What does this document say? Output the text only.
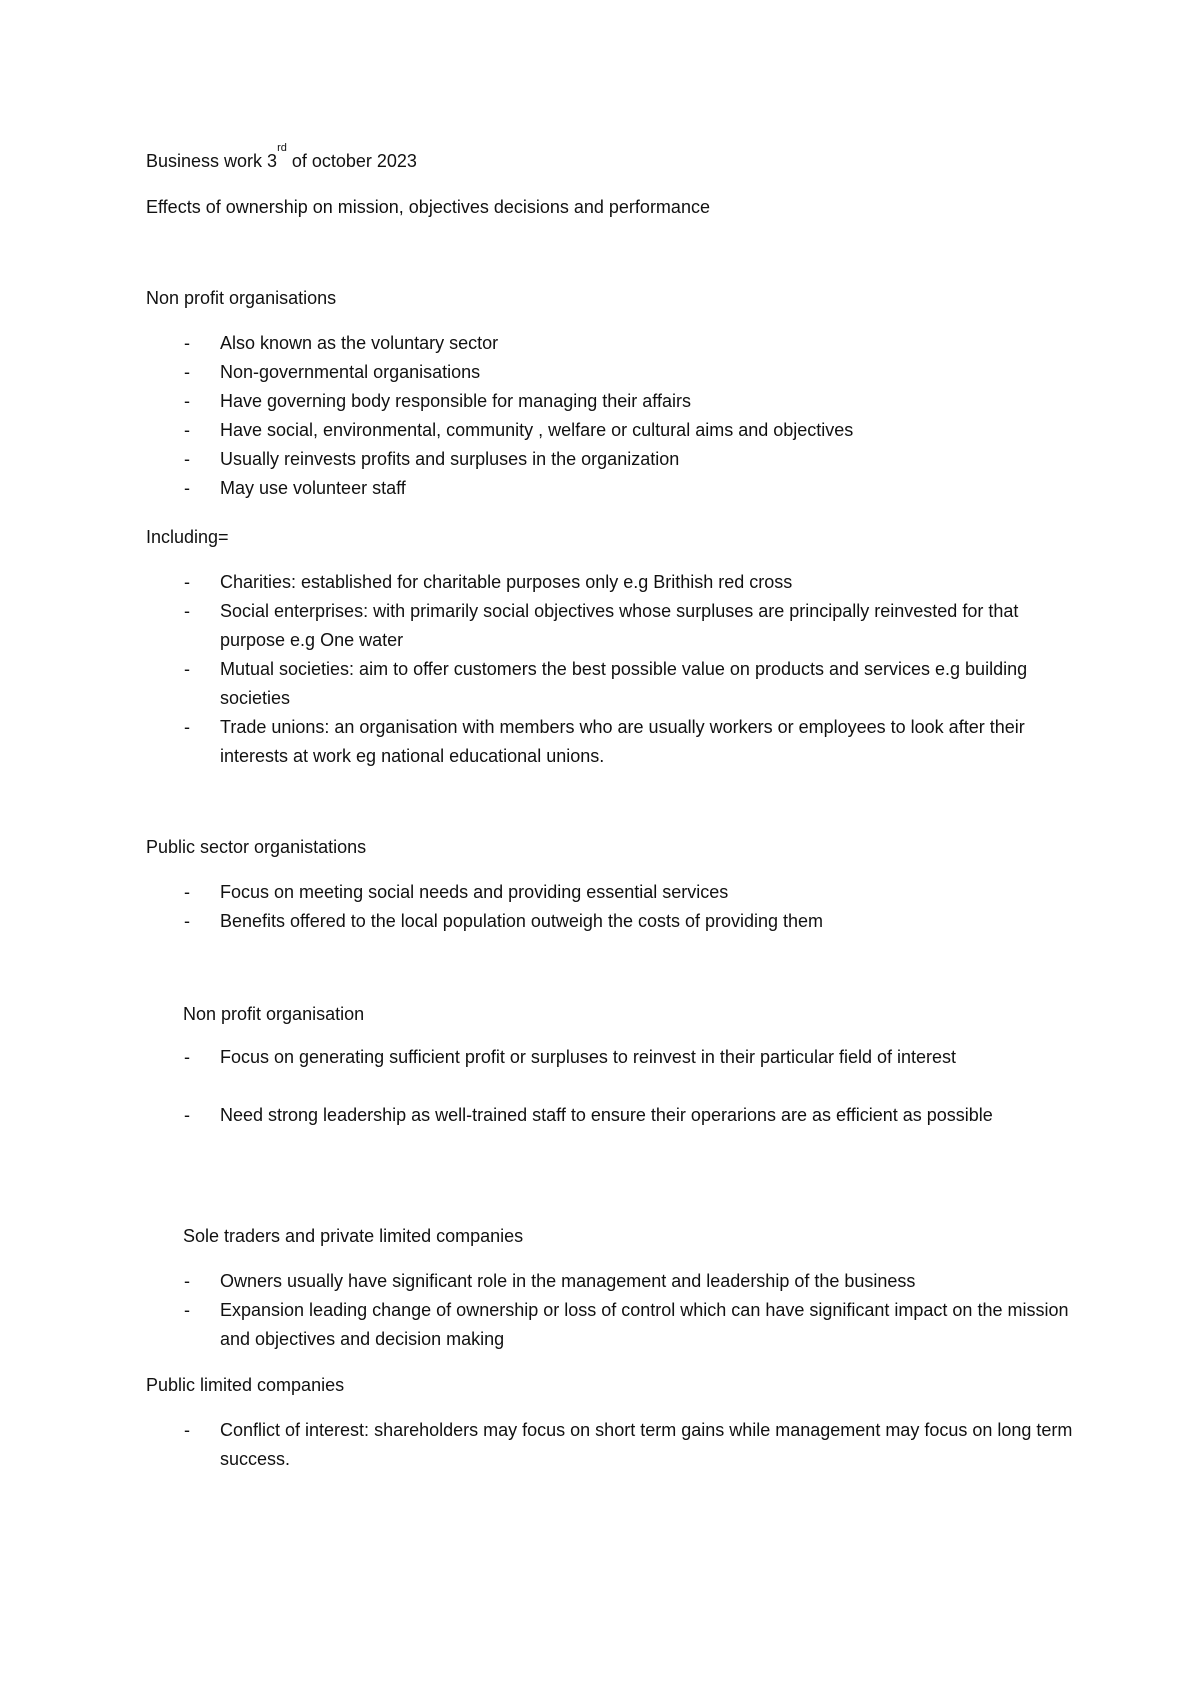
Business work 3rd of october 2023
Effects of ownership on mission, objectives decisions and performance
Non profit organisations
- Also known as the voluntary sector
- Non-governmental organisations
- Have governing body responsible for managing their affairs
- Have social, environmental, community , welfare or cultural aims and objectives
- Usually reinvests profits and surpluses in the organization
- May use volunteer staff
Including=
- Charities: established for charitable purposes only e.g Brithish red cross
- Social enterprises: with primarily social objectives whose surpluses are principally reinvested for that purpose e.g One water
- Mutual societies: aim to offer customers the best possible value on products and services e.g building societies
- Trade unions: an organisation with members who are usually workers or employees to look after their interests at work eg national educational unions.
Public sector organistations
- Focus on meeting social needs and providing essential services
- Benefits offered to the local population outweigh the costs of providing them
Non profit organisation
- Focus on generating sufficient profit or surpluses to reinvest in their particular field of interest
- Need strong leadership as well-trained staff to ensure their operarions are as efficient as possible
Sole traders and private limited companies
- Owners usually have significant role in the management and leadership of the business
- Expansion leading change of ownership or loss of control which can have significant impact on the mission and objectives and decision making
Public limited companies
- Conflict of interest: shareholders may focus on short term gains while management may focus on long term success.
